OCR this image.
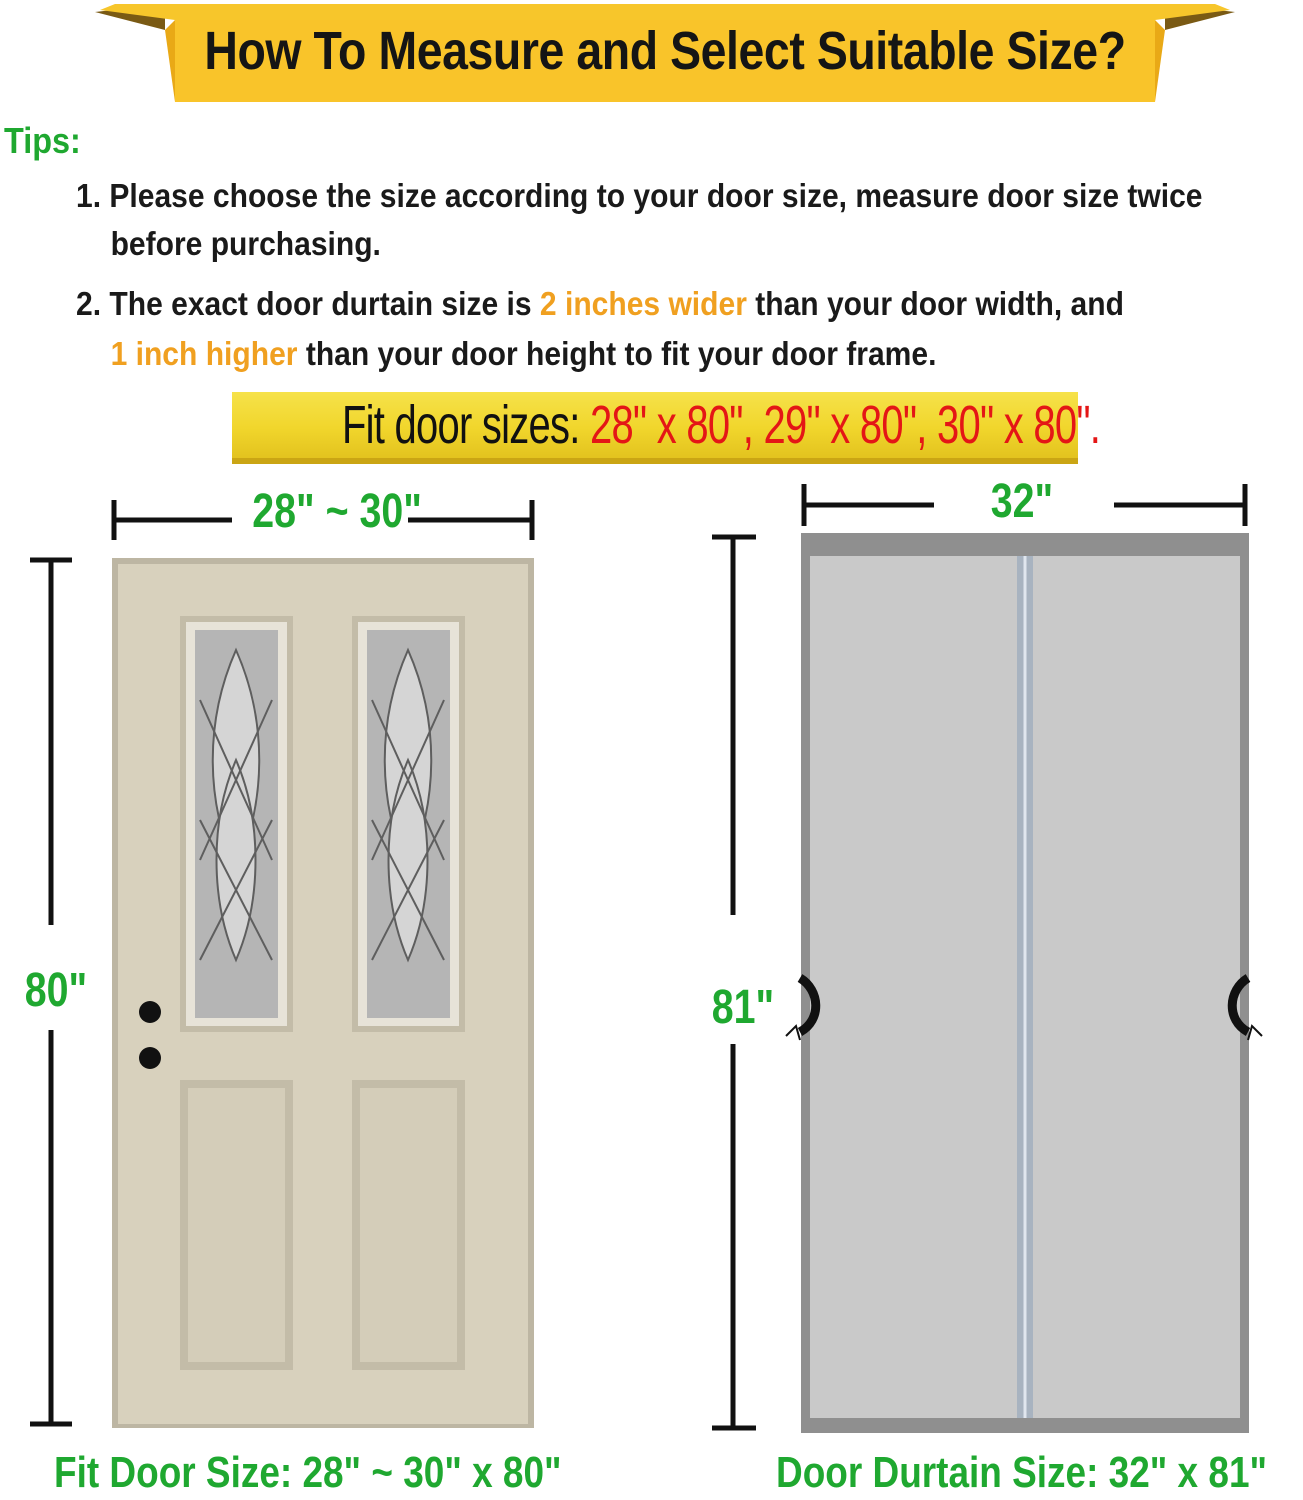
How To Measure and Select Suitable Size?
Tips:
1. Please choose the size according to your door size, measure door size twice
before purchasing.
2. The exact door durtain size is 2 inches wider than your door width, and
1 inch higher than your door height to fit your door frame.
Fit door sizes: 28" x 80", 29" x 80", 30" x 80".
28" ~ 30"
80"
32"
81"
Fit Door Size: 28" ~ 30" x 80"	Door Durtain Size: 32" x 81"
